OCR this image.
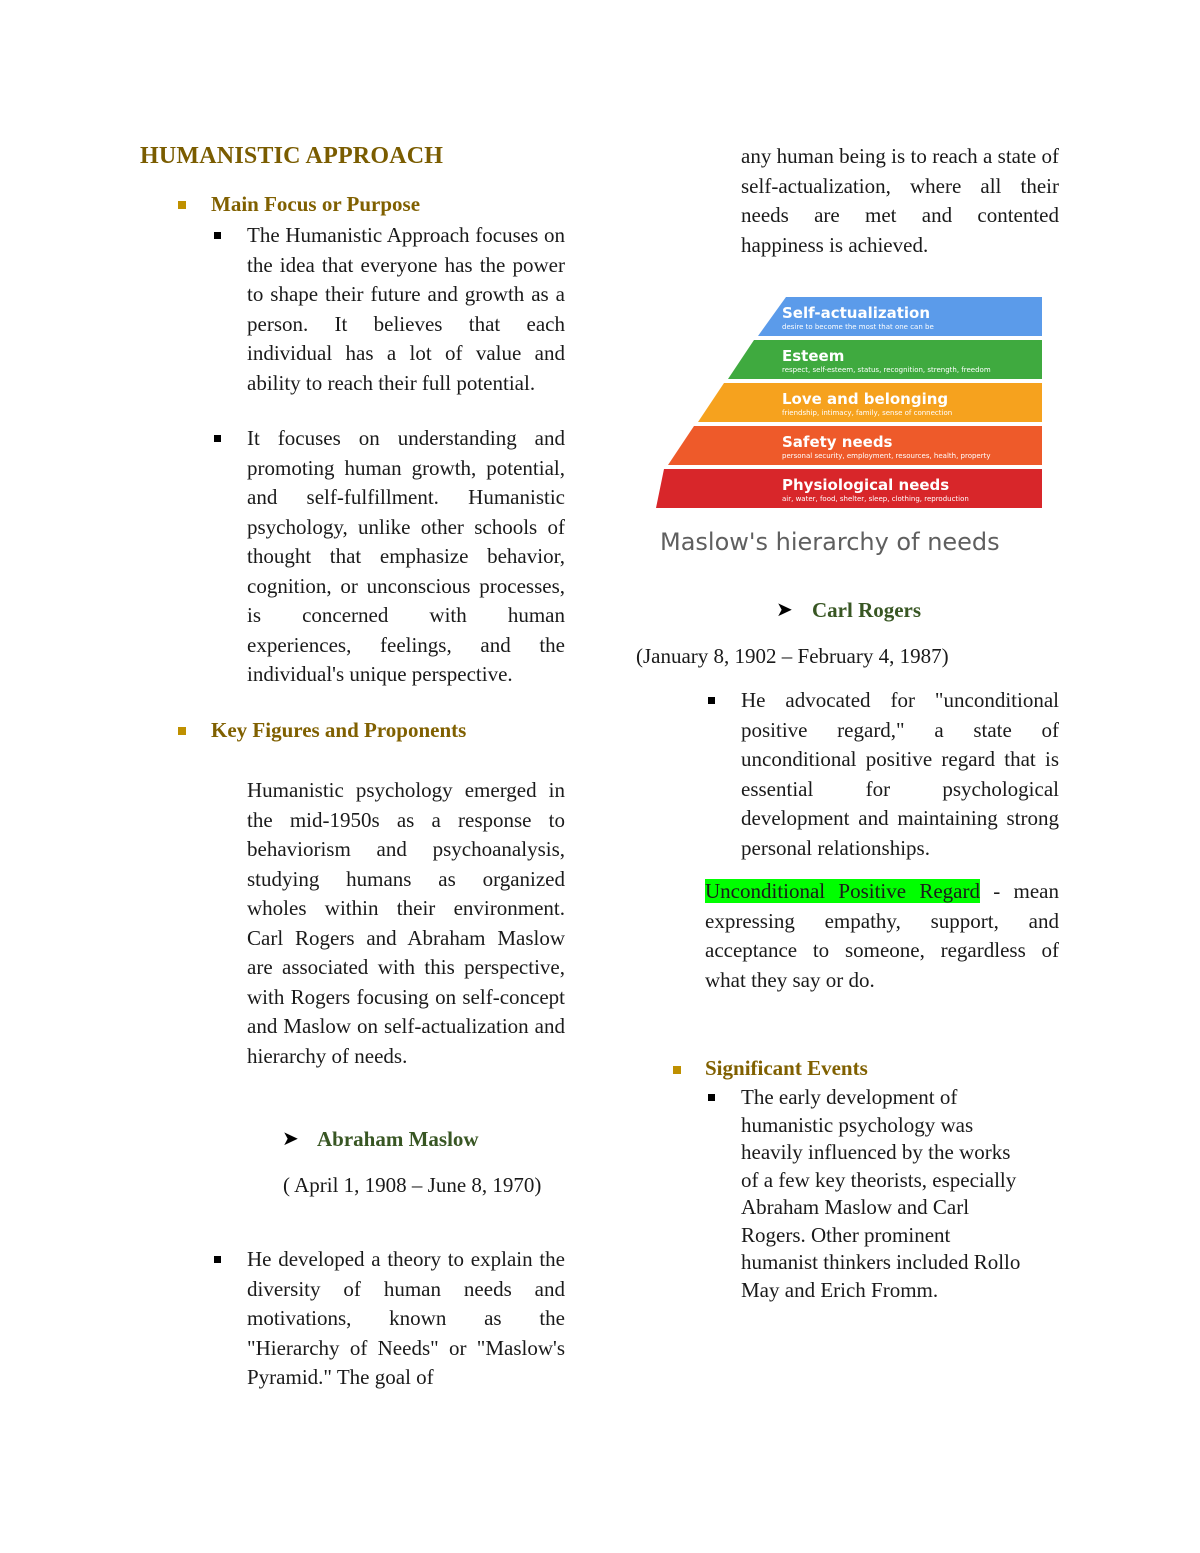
HUMANISTIC APPROACH
Main Focus or Purpose

The Humanistic Approach focuses on the idea that everyone has the power to shape their future and growth as a person. It believes that each individual has a lot of value and ability to reach their full potential.

It focuses on understanding and promoting human growth, potential, and self-fulfillment. Humanistic psychology, unlike other schools of thought that emphasize behavior, cognition, or unconscious processes, is concerned with human experiences, feelings, and the individual's unique perspective.

Key Figures and Proponents

Humanistic psychology emerged in the mid-1950s as a response to behaviorism and psychoanalysis, studying humans as organized wholes within their environment. Carl Rogers and Abraham Maslow are associated with this perspective, with Rogers focusing on self-concept and Maslow on self-actualization and hierarchy of needs.

➤ Abraham Maslow

( April 1, 1908 – June 8, 1970)

He developed a theory to explain the diversity of human needs and motivations, known as the "Hierarchy of Needs" or "Maslow's Pyramid." The goal of

any human being is to reach a state of self-actualization, where all their needs are met and contented happiness is achieved.

Self-actualization
desire to become the most that one can be
Esteem
respect, self-esteem, status, recognition, strength, freedom
Love and belonging
friendship, intimacy, family, sense of connection
Safety needs
personal security, employment, resources, health, property
Physiological needs
air, water, food, shelter, sleep, clothing, reproduction
Maslow's hierarchy of needs
➤ Carl Rogers

(January 8, 1902 – February 4, 1987)

He advocated for "unconditional positive regard," a state of unconditional positive regard that is essential for psychological development and maintaining strong personal relationships.

Unconditional Positive Regard - mean expressing empathy, support, and acceptance to someone, regardless of what they say or do.

Significant Events
The early development of
humanistic psychology was
heavily influenced by the works
of a few key theorists, especially
Abraham Maslow and Carl
Rogers. Other prominent
humanist thinkers included Rollo
May and Erich Fromm.
